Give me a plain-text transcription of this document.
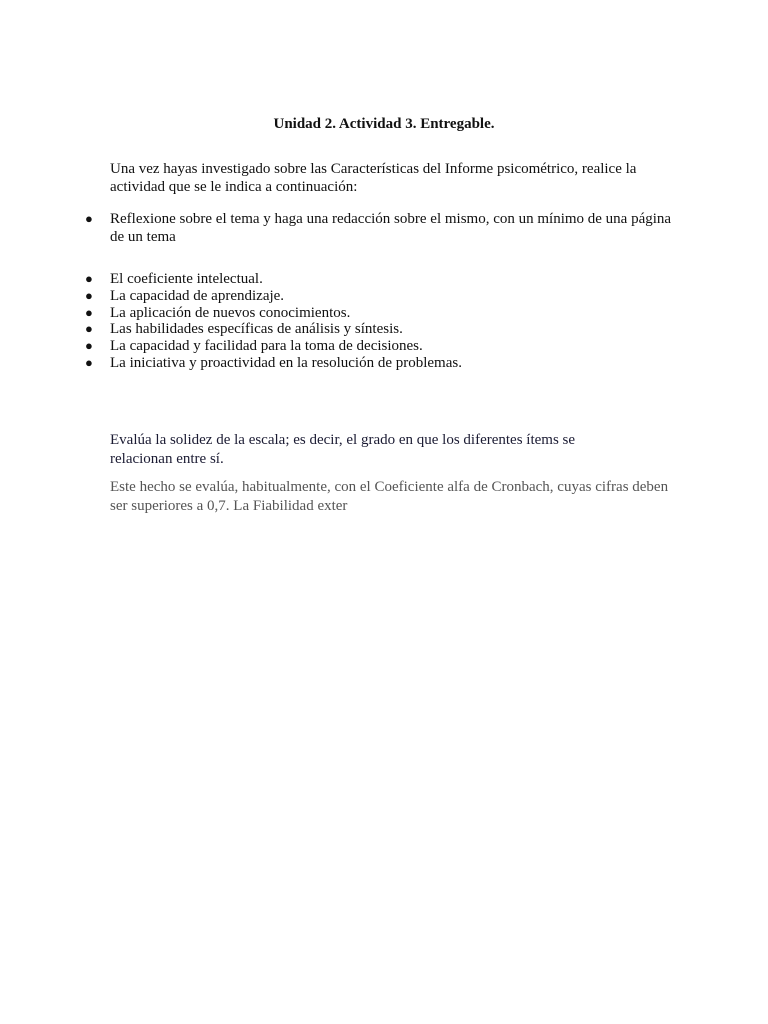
Unidad 2. Actividad 3. Entregable.
Una vez hayas investigado sobre las Características del Informe psicométrico, realice la actividad que se le indica a continuación:
● Reflexione sobre el tema y haga una redacción sobre el mismo, con un mínimo de una página de un tema
● El coeficiente intelectual.
● La capacidad de aprendizaje.
● La aplicación de nuevos conocimientos.
● Las habilidades específicas de análisis y síntesis.
● La capacidad y facilidad para la toma de decisiones.
● La iniciativa y proactividad en la resolución de problemas.
Evalúa la solidez de la escala; es decir, el grado en que los diferentes ítems se relacionan entre sí.
Este hecho se evalúa, habitualmente, con el Coeficiente alfa de Cronbach, cuyas cifras deben ser superiores a 0,7. La Fiabilidad exter
